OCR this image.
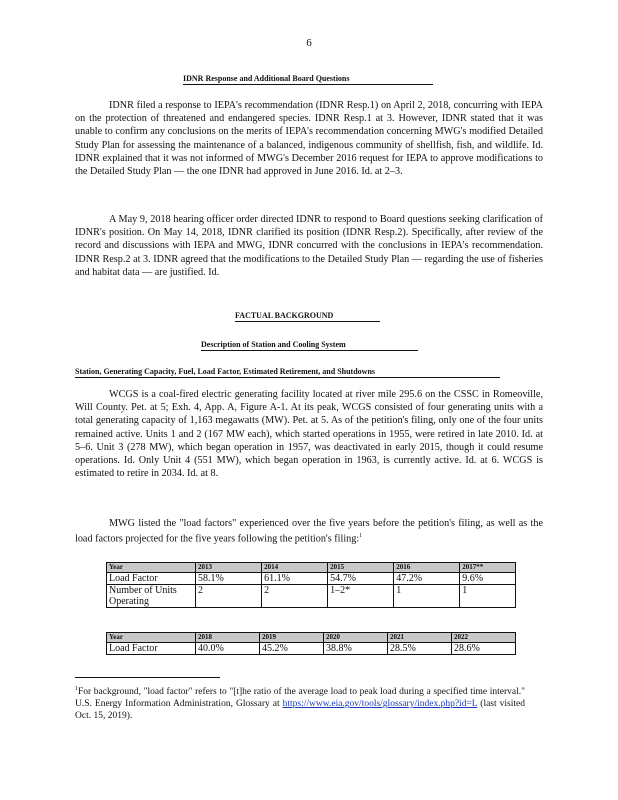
6
IDNR Response and Additional Board Questions

IDNR filed a response to IEPA's recommendation (IDNR Resp.1) on April 2, 2018, concurring with IEPA on the protection of threatened and endangered species. IDNR Resp.1 at 3. However, IDNR stated that it was unable to confirm any conclusions on the merits of IEPA's recommendation concerning MWG's modified Detailed Study Plan for assessing the maintenance of a balanced, indigenous community of shellfish, fish, and wildlife. Id. IDNR explained that it was not informed of MWG's December 2016 request for IEPA to approve modifications to the Detailed Study Plan — the one IDNR had approved in June 2016. Id. at 2–3.

A May 9, 2018 hearing officer order directed IDNR to respond to Board questions seeking clarification of IDNR's position. On May 14, 2018, IDNR clarified its position (IDNR Resp.2). Specifically, after review of the record and discussions with IEPA and MWG, IDNR concurred with the conclusions in IEPA's recommendation. IDNR Resp.2 at 3. IDNR agreed that the modifications to the Detailed Study Plan — regarding the use of fisheries and habitat data — are justified. Id.

FACTUAL BACKGROUND
Description of Station and Cooling System
Station, Generating Capacity, Fuel, Load Factor, Estimated Retirement, and Shutdowns

WCGS is a coal-fired electric generating facility located at river mile 295.6 on the CSSC in Romeoville, Will County. Pet. at 5; Exh. 4, App. A, Figure A-1. At its peak, WCGS consisted of four generating units with a total generating capacity of 1,163 megawatts (MW). Pet. at 5. As of the petition's filing, only one of the four units remained active. Units 1 and 2 (167 MW each), which started operations in 1955, were retired in late 2010. Id. at 5–6. Unit 3 (278 MW), which began operation in 1957, was deactivated in early 2015, though it could resume operations. Id. Only Unit 4 (551 MW), which began operation in 1963, is currently active. Id. at 6. WCGS is estimated to retire in 2034. Id. at 8.

MWG listed the "load factors" experienced over the five years before the petition's filing, as well as the load factors projected for the five years following the petition's filing:$^1$

Year	2013	2014	2015	2016	2017**
Load Factor	58.1%	61.1%	54.7%	47.2%	9.6%
Number of Units Operating	2	2	1–2*	1	1
Year	2018	2019	2020	2021	2022
Load Factor	40.0%	45.2%	38.8%	28.5%	28.6%
$^1$For background, "load factor" refers to "[t]he ratio of the average load to peak load during a specified time interval." U.S. Energy Information Administration, Glossary at https://www.eia.gov/tools/glossary/index.php?id=L (last visited Oct. 15, 2019).
